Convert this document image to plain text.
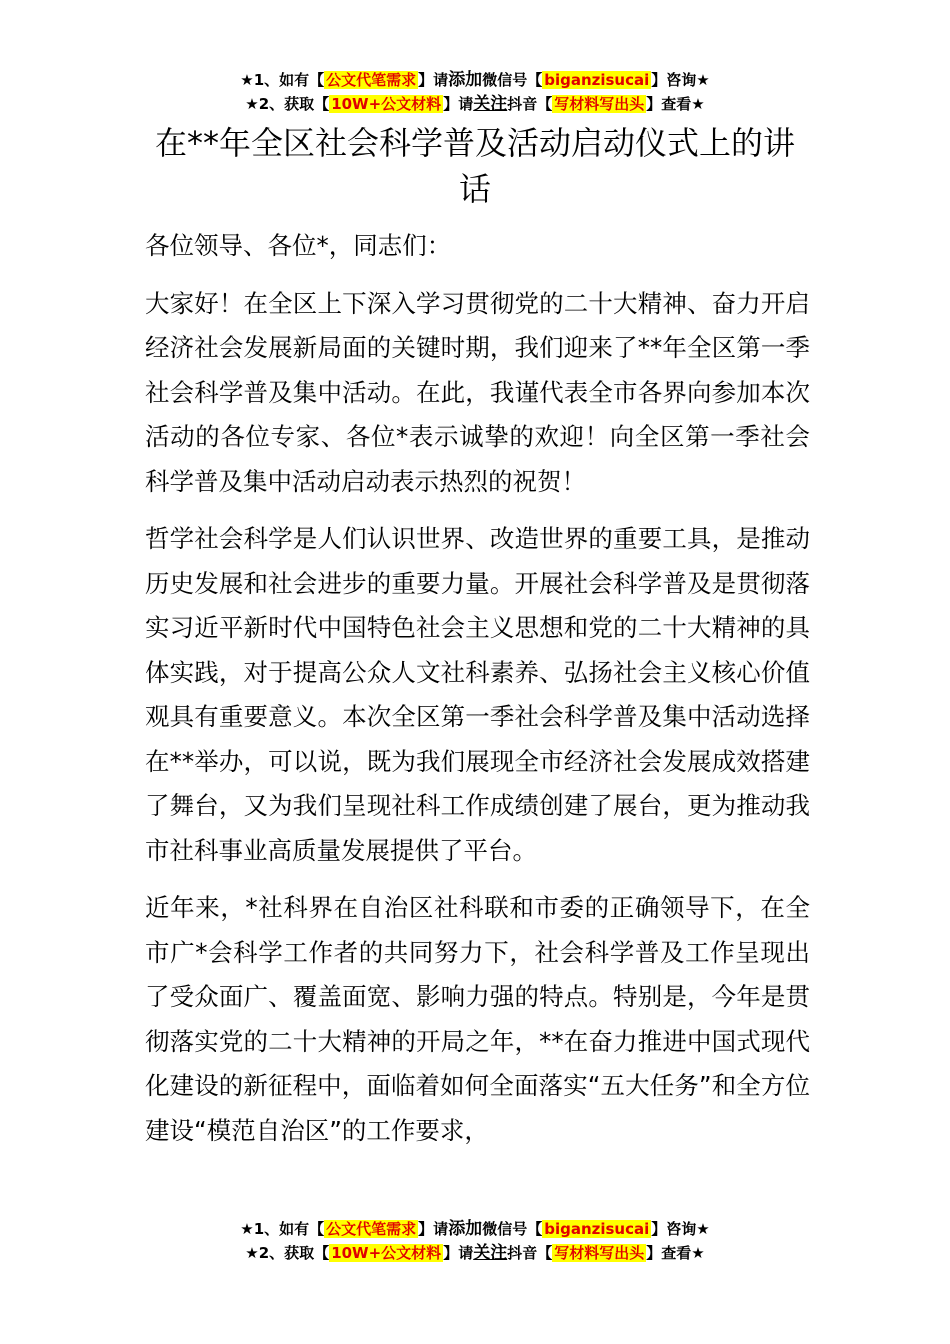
★1、如有【 公文代笔需求 】请添加微信号【 biganzisucai 】咨询★
★2、获取【 10W+公文材料 】请关注抖音【 写材料写出头 】查看★
在**年全区社会科学普及活动启动仪式上的讲话

各位领导、各位*，同志们：

大家好！在全区上下深入学习贯彻党的二十大精神、奋力开启经济社会发展新局面的关键时期，我们迎来了**年全区第一季社会科学普及集中活动。在此，我谨代表全市各界向参加本次活动的各位专家、各位*表示诚挚的欢迎！向全区第一季社会科学普及集中活动启动表示热烈的祝贺！

哲学社会科学是人们认识世界、改造世界的重要工具，是推动历史发展和社会进步的重要力量。开展社会科学普及是贯彻落实习近平新时代中国特色社会主义思想和党的二十大精神的具体实践，对于提高公众人文社科素养、弘扬社会主义核心价值观具有重要意义。本次全区第一季社会科学普及集中活动选择在**举办，可以说，既为我们展现全市经济社会发展成效搭建了舞台，又为我们呈现社科工作成绩创建了展台，更为推动我市社科事业高质量发展提供了平台。

近年来，*社科界在自治区社科联和市委的正确领导下，在全市广*会科学工作者的共同努力下，社会科学普及工作呈现出了受众面广、覆盖面宽、影响力强的特点。特别是，今年是贯彻落实党的二十大精神的开局之年，**在奋力推进中国式现代化建设的新征程中，面临着如何全面落实“五大任务”和全方位建设“模范自治区”的工作要求，

★1、如有【 公文代笔需求 】请添加微信号【 biganzisucai 】咨询★
★2、获取【 10W+公文材料 】请关注抖音【 写材料写出头 】查看★
